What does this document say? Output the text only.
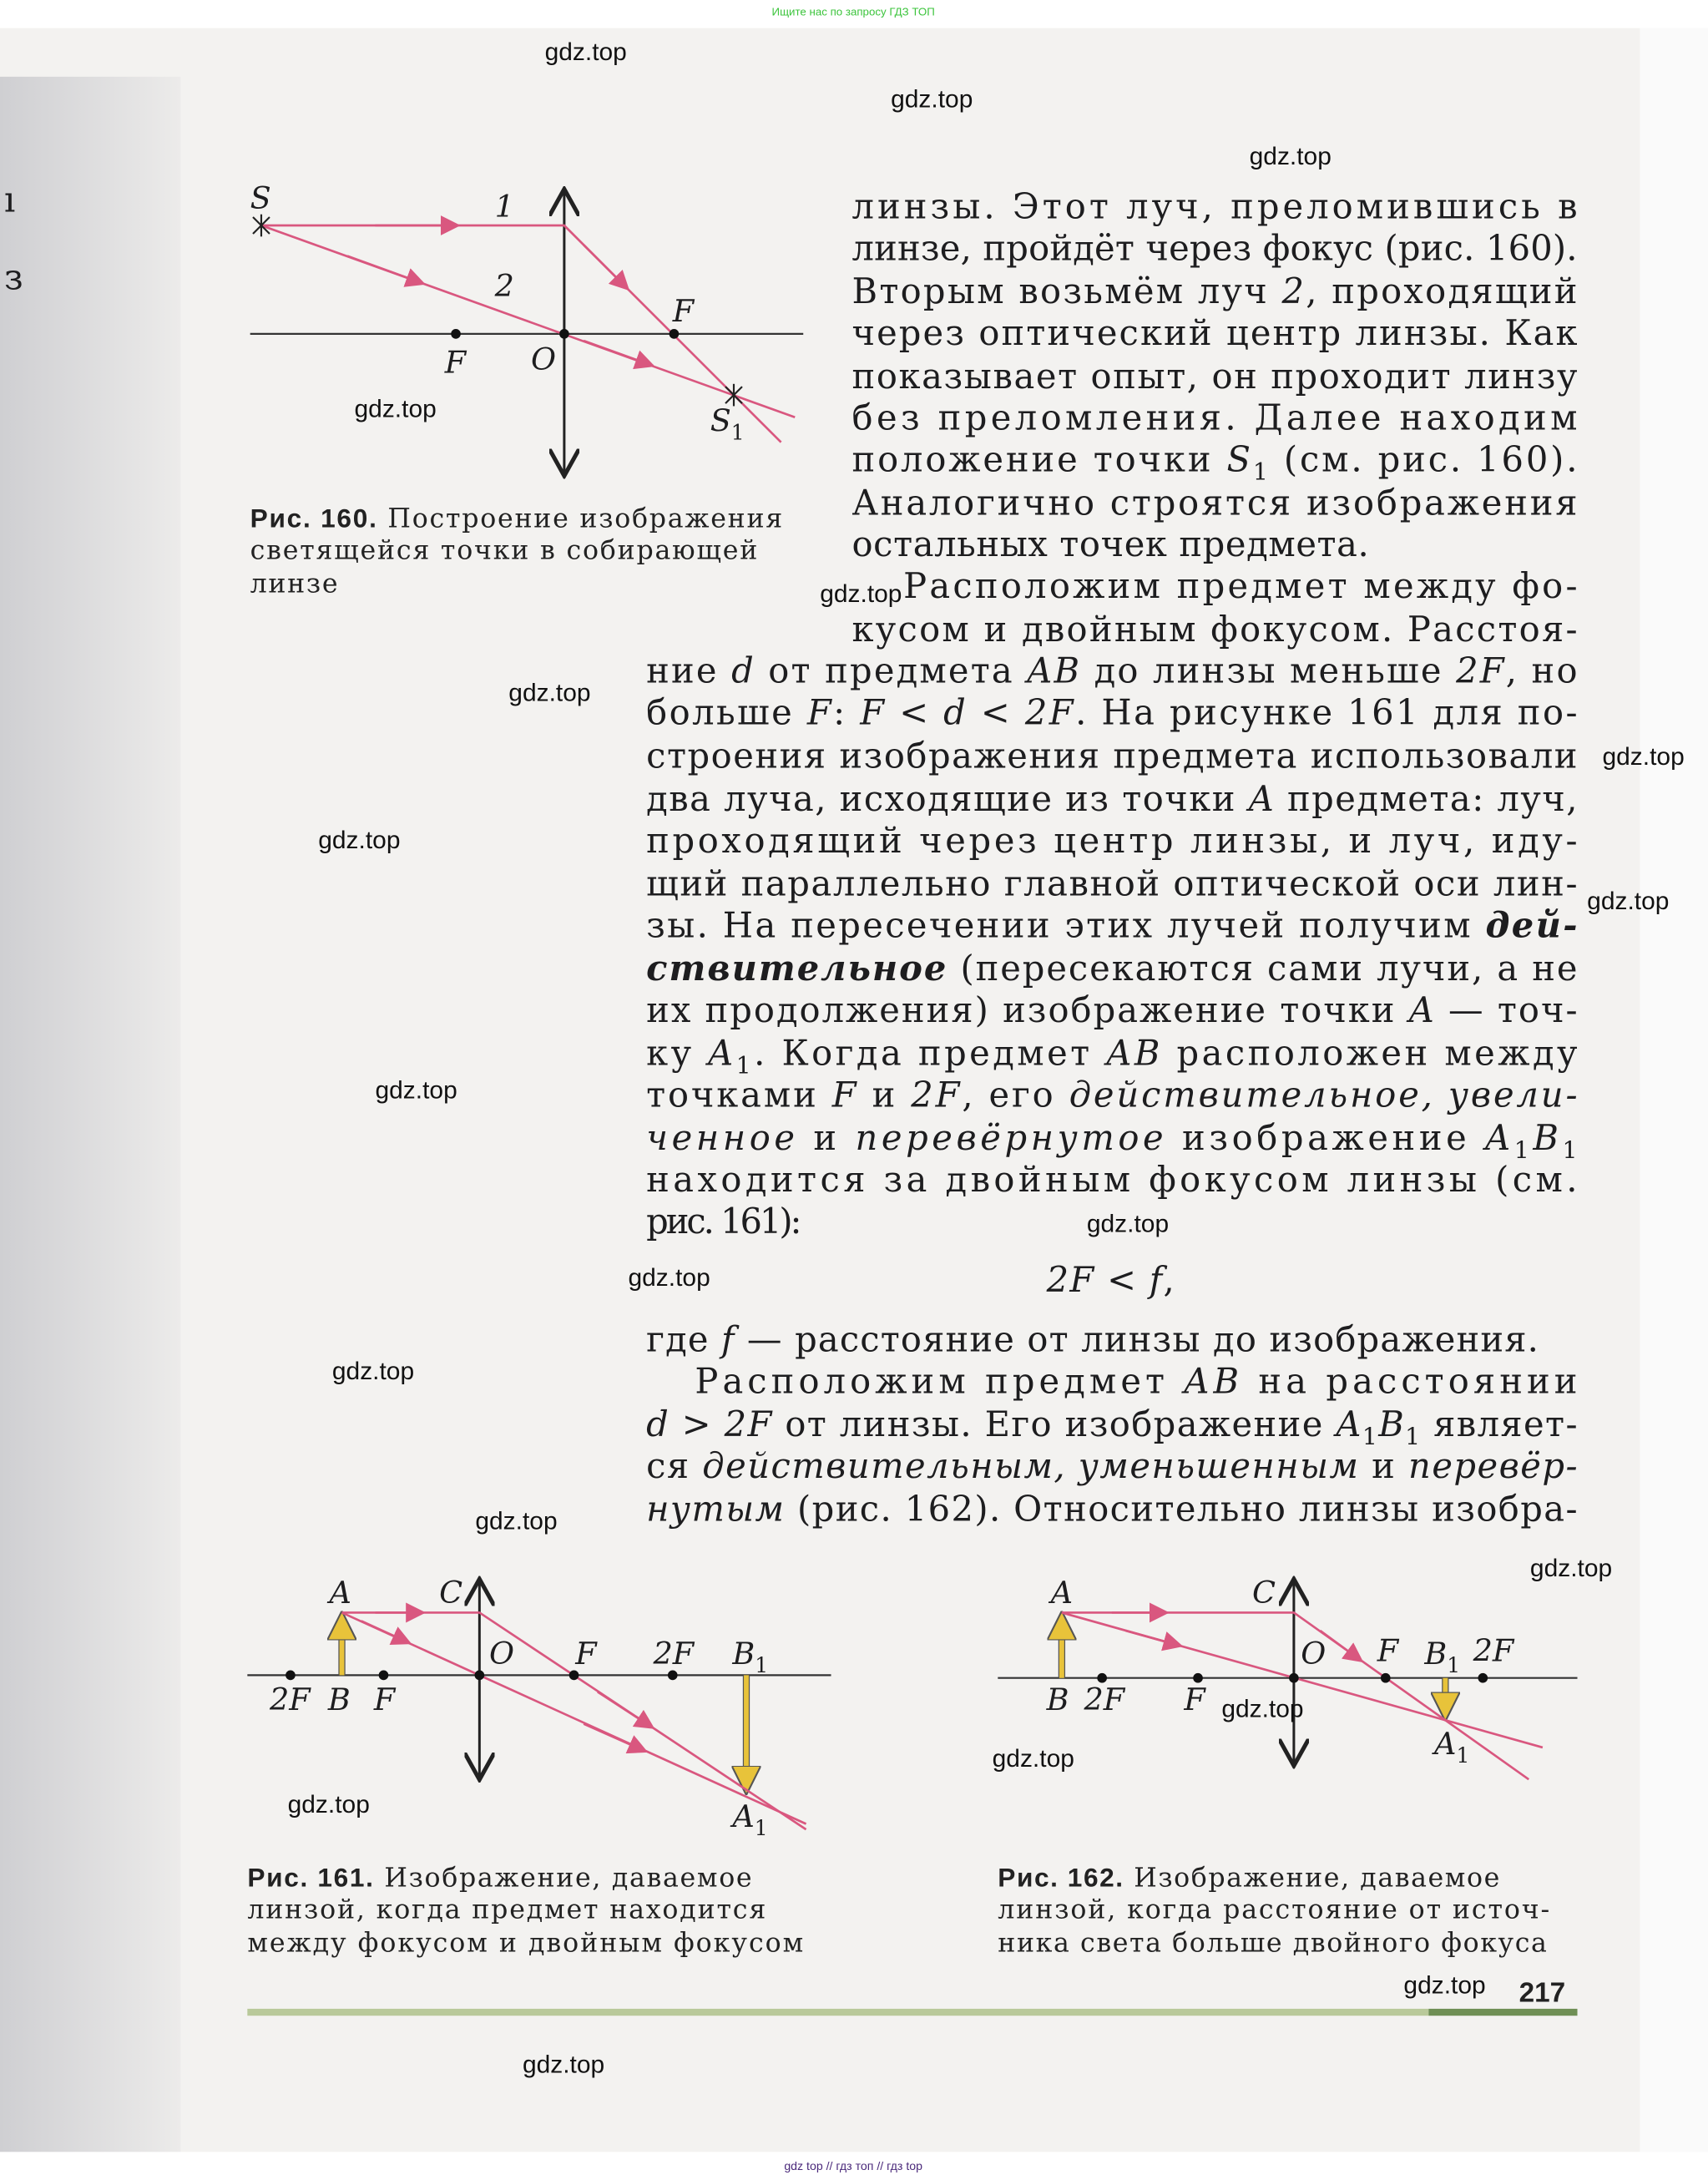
Ищите нас по запросу ГДЗ ТОП
gdz top // гдз топ // гдз top
ı
з
линзы. Этот луч, преломившись в
линзе, пройдёт через фокус (рис. 160).
Вторым возьмём луч 2, проходящий
через оптический центр линзы. Как
показывает опыт, он проходит линзу
без преломления. Далее находим
положение точки S $_1$ (см. рис. 160).
Аналогично строятся изображения
остальных точек предмета.
Расположим предмет между фо-
кусом и двойным фокусом. Расстоя-
ние d от предмета AB до линзы меньше 2F, но
больше F: F < d < 2F. На рисунке 161 для по-
строения изображения предмета использовали
два луча, исходящие из точки A предмета: луч,
проходящий через центр линзы, и луч, иду-
щий параллельно главной оптической оси лин-
зы. На пересечении этих лучей получим дей-
ствительное (пересекаются сами лучи, а не
их продолжения) изображение точки A — точ-
ку A $_1$ . Когда предмет AB расположен между
точками F и 2F , его действительное, увели-
ченное и перевёрнутое изображение A $_1$ B $_1$
находится за двойным фокусом линзы (см.
рис. 161):
2F < f,
где f — расстояние от линзы до изображения.
Расположим предмет AB на расстоянии
d > 2F от линзы. Его изображение $A_1B_1$ являет-
ся действительным, уменьшенным и перевёр-
нутым (рис. 162). Относительно линзы изобра-
S	1
2
F	O
F
$S_1$
A	C
O	F	2F $B_1$
2F B F
$A_1$
A	C
O	F $B_1$ 2F
B 2F	F
$A_1$
Рис. 160. Построение изображения
светящейся точки в собирающей
линзе
Рис. 161. Изображение, даваемое
линзой, когда предмет находится
между фокусом и двойным фокусом
Рис. 162. Изображение, даваемое
линзой, когда расстояние от источ-
ника света больше двойного фокуса
217
gdz.top
gdz.top
gdz.top
gdz.top
gdz.top
gdz.top
gdz.top
gdz.top
gdz.top
gdz.top
gdz.top
gdz.top
gdz.top
gdz.top
gdz.top
gdz.top
gdz.top
gdz.top
gdz.top
gdz.top
